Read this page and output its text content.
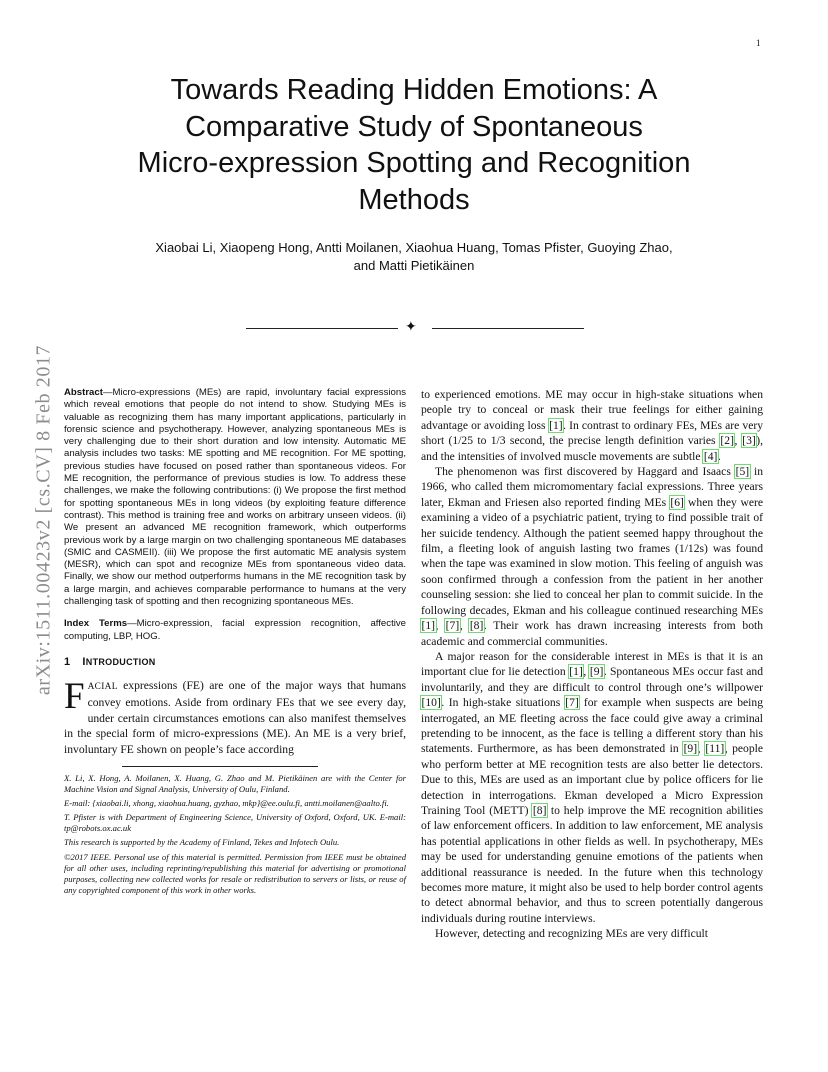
1
arXiv:1511.00423v2 [cs.CV] 8 Feb 2017
Towards Reading Hidden Emotions: A
Comparative Study of Spontaneous
Micro-expression Spotting and Recognition
Methods
Xiaobai Li, Xiaopeng Hong, Antti Moilanen, Xiaohua Huang, Tomas Pfister, Guoying Zhao,
and Matti Pietikäinen
✦

Abstract—Micro-expressions (MEs) are rapid, involuntary facial expressions which reveal emotions that people do not intend to show. Studying MEs is valuable as recognizing them has many important applications, particularly in forensic science and psychotherapy. However, analyzing spontaneous MEs is very challenging due to their short duration and low intensity. Automatic ME analysis includes two tasks: ME spotting and ME recognition. For ME spotting, previous studies have focused on posed rather than spontaneous videos. For ME recognition, the performance of previous studies is low. To address these challenges, we make the following contributions: (i) We propose the first method for spotting spontaneous MEs in long videos (by exploiting feature difference contrast). This method is training free and works on arbitrary unseen videos. (ii) We present an advanced ME recognition framework, which outperforms previous work by a large margin on two challenging spontaneous ME databases (SMIC and CASMEII). (iii) We propose the first automatic ME analysis system (MESR), which can spot and recognize MEs from spontaneous video data. Finally, we show our method outperforms humans in the ME recognition task by a large margin, and achieves comparable performance to humans at the very challenging task of spotting and then recognizing spontaneous MEs.

Index Terms—Micro-expression, facial expression recognition, affective computing, LBP, HOG.

1 INTRODUCTION

FACIAL expressions (FE) are one of the major ways that humans convey emotions. Aside from ordinary FEs that we see every day, under certain circumstances emotions can also manifest themselves in the special form of micro-expressions (ME). An ME is a very brief, involuntary FE shown on people’s face according

X. Li, X. Hong, A. Moilanen, X. Huang, G. Zhao and M. Pietikäinen are with the Center for Machine Vision and Signal Analysis, University of Oulu, Finland.

E-mail: {xiaobai.li, xhong, xiaohua.huang, gyzhao, mkp}@ee.oulu.fi, antti.moilanen@aalto.fi.

T. Pfister is with Department of Engineering Science, University of Oxford, Oxford, UK. E-mail: tp@robots.ox.ac.uk

This research is supported by the Academy of Finland, Tekes and Infotech Oulu.

©2017 IEEE. Personal use of this material is permitted. Permission from IEEE must be obtained for all other uses, including reprinting/republishing this material for advertising or promotional purposes, collecting new collected works for resale or redistribution to servers or lists, or reuse of any copyrighted component of this work in other works.

to experienced emotions. ME may occur in high-stake situations when people try to conceal or mask their true feelings for either gaining advantage or avoiding loss [1]. In contrast to ordinary FEs, MEs are very short (1/25 to 1/3 second, the precise length definition varies [2], [3]), and the intensities of involved muscle movements are subtle [4].

The phenomenon was first discovered by Haggard and Isaacs [5] in 1966, who called them micromomentary facial expressions. Three years later, Ekman and Friesen also reported finding MEs [6] when they were examining a video of a psychiatric patient, trying to find possible trait of her suicide tendency. Although the patient seemed happy throughout the film, a fleeting look of anguish lasting two frames (1/12s) was found when the tape was examined in slow motion. This feeling of anguish was soon confirmed through a confession from the patient in her another counseling session: she lied to conceal her plan to commit suicide. In the following decades, Ekman and his colleague continued researching MEs [1], [7], [8]. Their work has drawn increasing interests from both academic and commercial communities.

A major reason for the considerable interest in MEs is that it is an important clue for lie detection [1], [9]. Spontaneous MEs occur fast and involuntarily, and they are difficult to control through one’s willpower [10]. In high-stake situations [7] for example when suspects are being interrogated, an ME fleeting across the face could give away a criminal pretending to be innocent, as the face is telling a different story than his statements. Furthermore, as has been demonstrated in [9], [11], people who perform better at ME recognition tests are also better lie detectors. Due to this, MEs are used as an important clue by police officers for lie detection in interrogations. Ekman developed a Micro Expression Training Tool (METT) [8] to help improve the ME recognition abilities of law enforcement officers. In addition to law enforcement, ME analysis has potential applications in other fields as well. In psychotherapy, MEs may be used for understanding genuine emotions of the patients when additional reassurance is needed. In the future when this technology becomes more mature, it might also be used to help border control agents to detect abnormal behavior, and thus to screen potentially dangerous individuals during routine interviews.

However, detecting and recognizing MEs are very difficult
